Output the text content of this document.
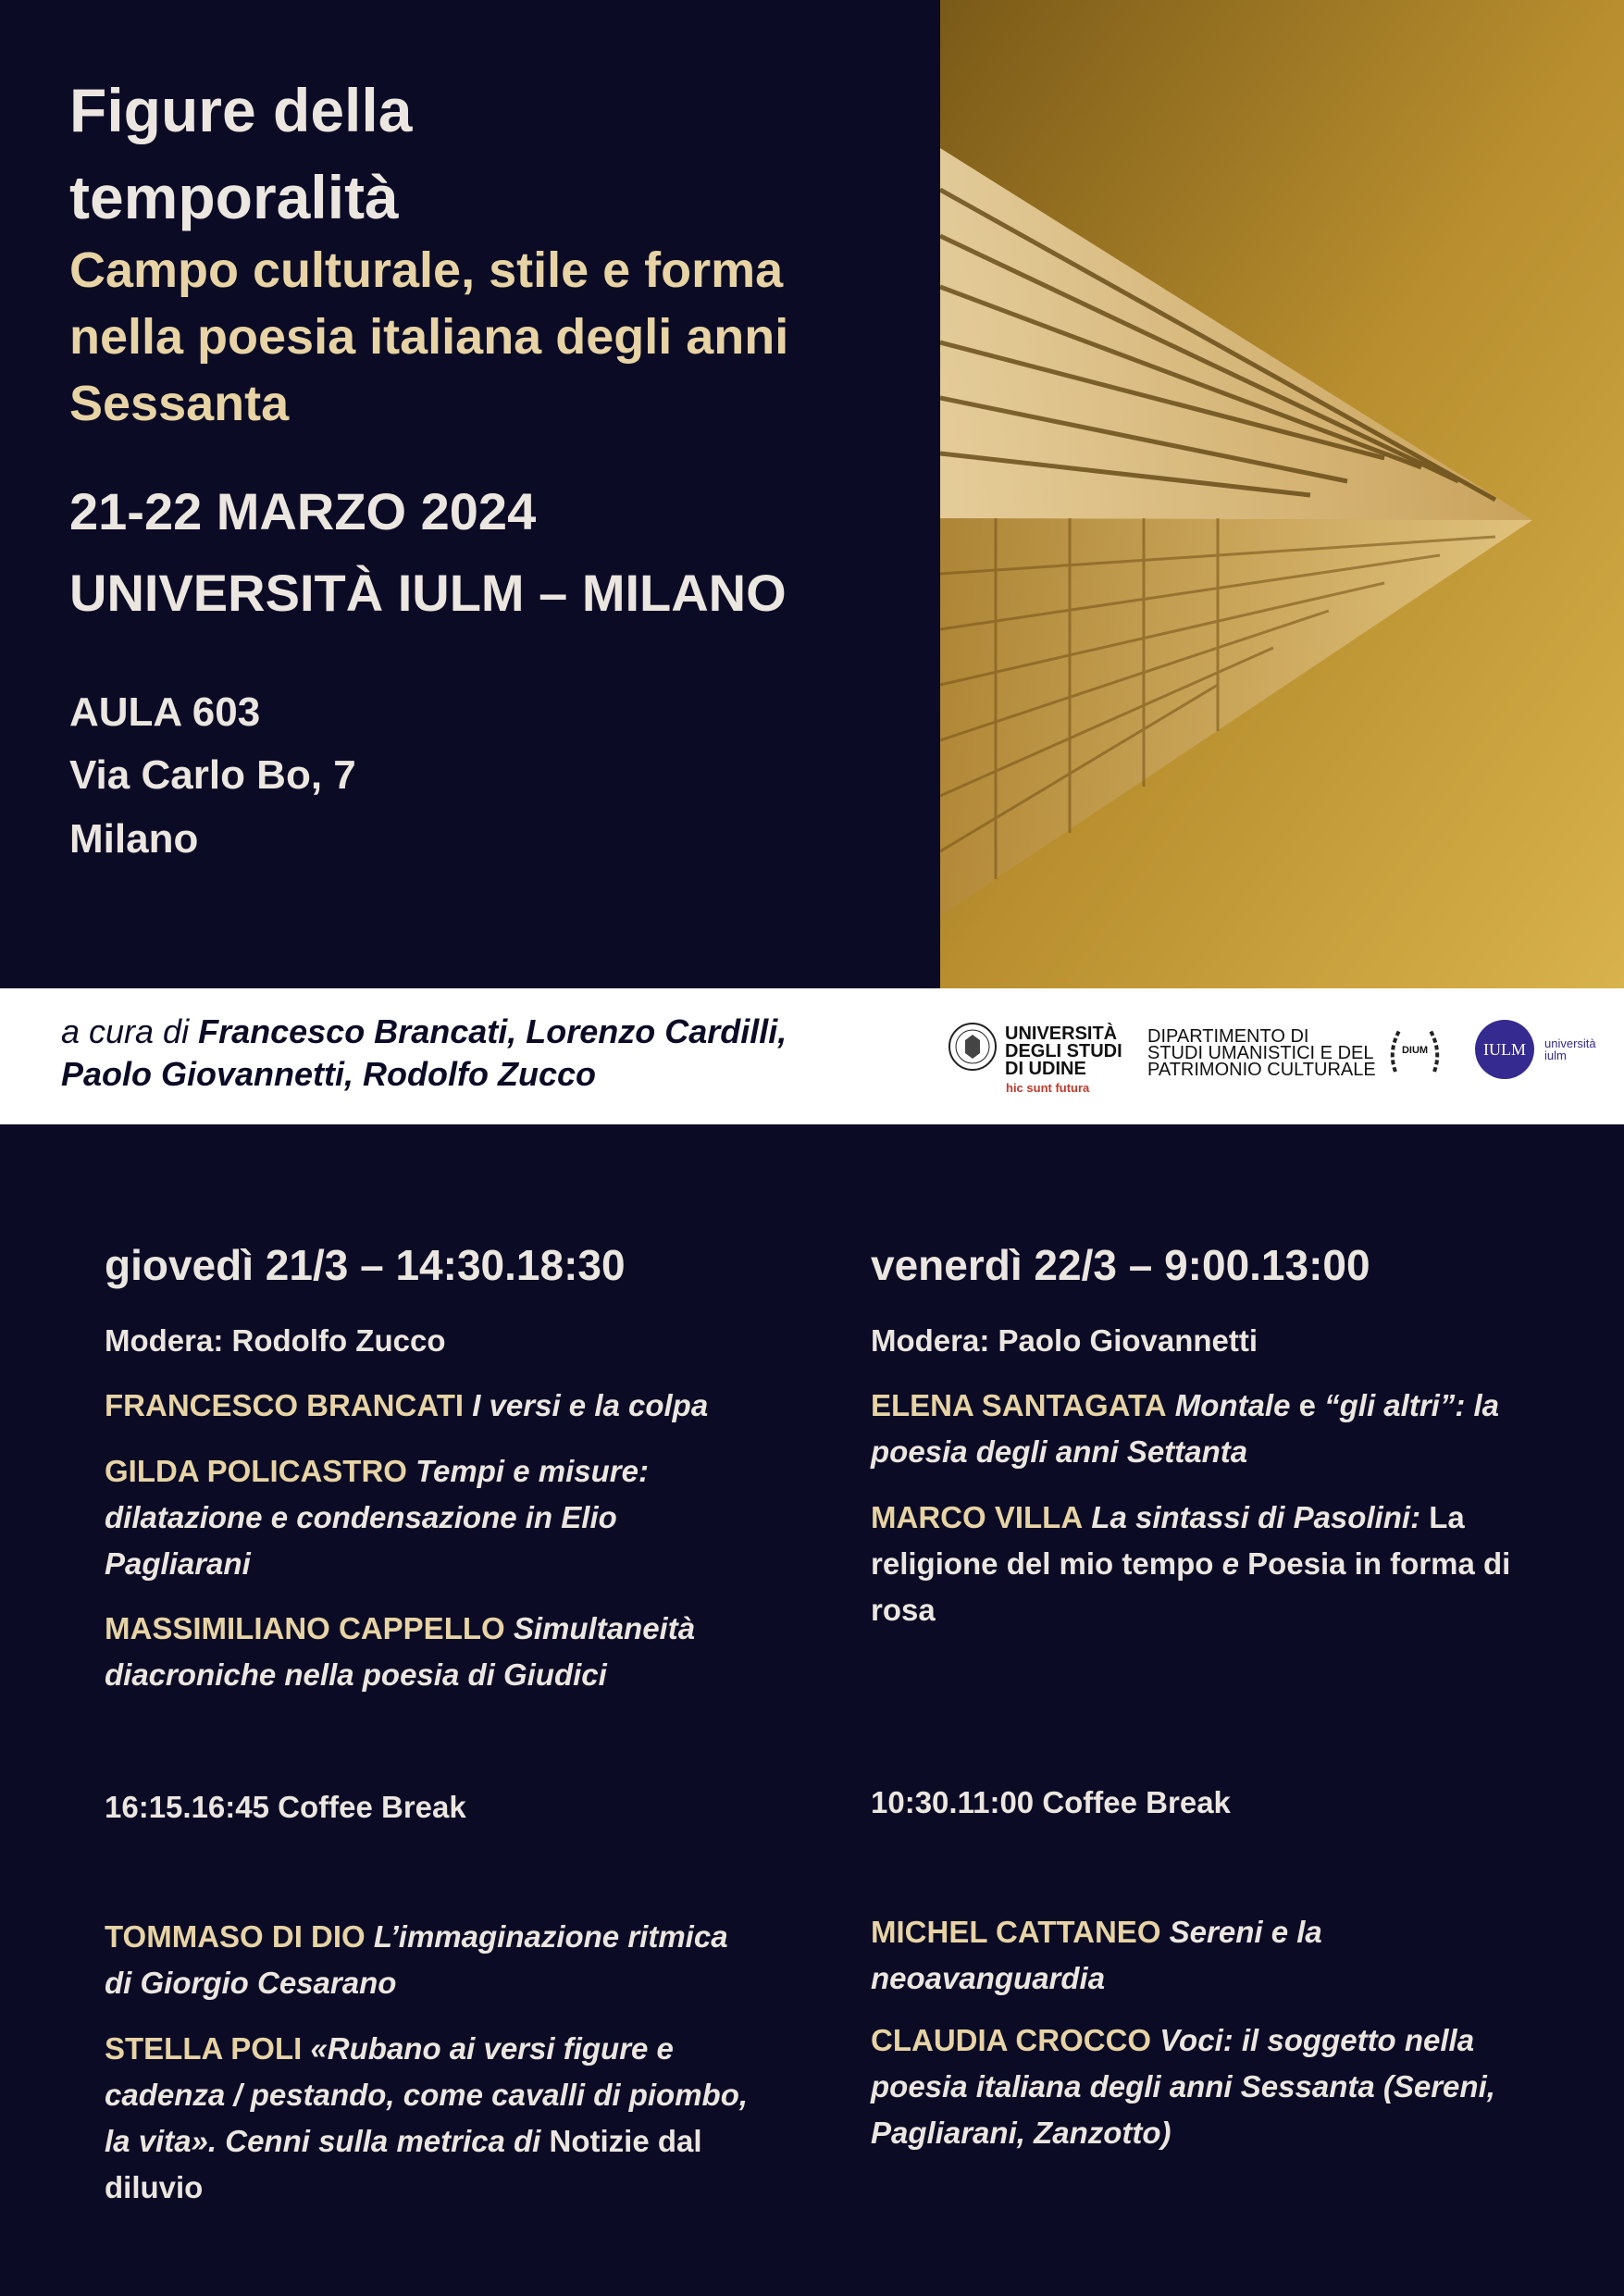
Figure della
temporalità
Campo culturale, stile e forma
nella poesia italiana degli anni
Sessanta
21-22 MARZO 2024
UNIVERSITÀ IULM – MILANO
AULA 603
Via Carlo Bo, 7
Milano
a cura di Francesco Brancati, Lorenzo Cardilli,
Paolo Giovannetti, Rodolfo Zucco
UNIVERSITÀ
DEGLI STUDI
DI UDINE
hic sunt futura
DIPARTIMENTO DI
STUDI UMANISTICI E DEL
PATRIMONIO CULTURALE
DIUM	IULM	università
iulm
giovedì 21/3 – 14:30.18:30
Modera: Rodolfo Zucco
FRANCESCO BRANCATI I versi e la colpa
GILDA POLICASTRO Tempi e misure:
dilatazione e condensazione in Elio
Pagliarani
MASSIMILIANO CAPPELLO Simultaneità
diacroniche nella poesia di Giudici
16:15.16:45 Coffee Break
TOMMASO DI DIO L’immaginazione ritmica
di Giorgio Cesarano
STELLA POLI «Rubano ai versi figure e
cadenza / pestando, come cavalli di piombo,
la vita». Cenni sulla metrica di Notizie dal
diluvio
venerdì 22/3 – 9:00.13:00
Modera: Paolo Giovannetti
ELENA SANTAGATA Montale e “gli altri”: la
poesia degli anni Settanta
MARCO VILLA La sintassi di Pasolini: La
religione del mio tempo e Poesia in forma di
rosa
10:30.11:00 Coffee Break
MICHEL CATTANEO Sereni e la
neoavanguardia
CLAUDIA CROCCO Voci: il soggetto nella
poesia italiana degli anni Sessanta (Sereni,
Pagliarani, Zanzotto)
